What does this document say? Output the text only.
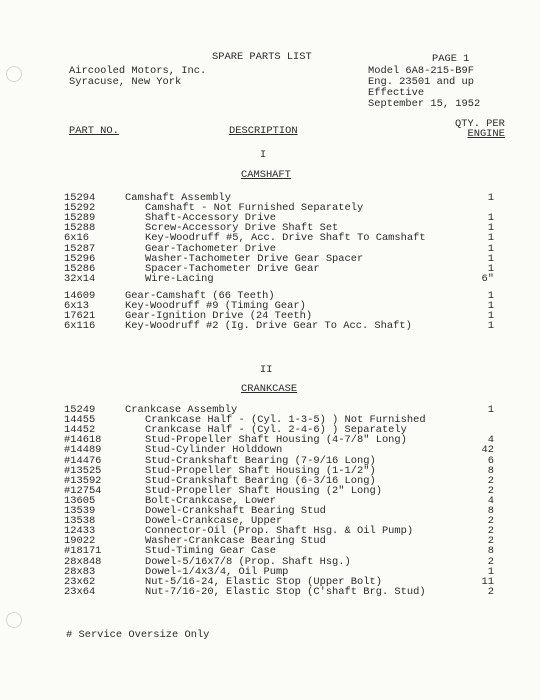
SPARE PARTS LIST	PAGE 1
Aircooled Motors, Inc.
Syracuse, New York
Model 6A8-215-B9F
Eng. 23501 and up
Effective
September 15, 1952
PART NO.	DESCRIPTION
QTY. PER
ENGINE
I
CAMSHAFT
15294	Camshaft Assembly	1
15292	Camshaft - Not Furnished Separately
15289	Shaft-Accessory Drive	1
15288	Screw-Accessory Drive Shaft Set	1
6x16	Key-Woodruff #5, Acc. Drive Shaft To Camshaft	1
15287	Gear-Tachometer Drive	1
15296	Washer-Tachometer Drive Gear Spacer	1
15286	Spacer-Tachometer Drive Gear	1
32x14	Wire-Lacing	6"
14609	Gear-Camshaft (66 Teeth)	1
6x13	Key-Woodruff #9 (Timing Gear)	1
17621	Gear-Ignition Drive (24 Teeth)	1
6x116	Key-Woodruff #2 (Ig. Drive Gear To Acc. Shaft)	1
II
CRANKCASE
15249	Crankcase Assembly	1
14455	Crankcase Half - (Cyl. 1-3-5) ) Not Furnished
14452	Crankcase Half - (Cyl. 2-4-6) ) Separately
#14618	Stud-Propeller Shaft Housing (4-7/8" Long)	4
#14489	Stud-Cylinder Holddown	42
#14476	Stud-Crankshaft Bearing (7-9/16 Long)	6
#13525	Stud-Propeller Shaft Housing (1-1/2")	8
#13592	Stud-Crankshaft Bearing (6-3/16 Long)	2
#12754	Stud-Propeller Shaft Housing (2" Long)	2
13605	Bolt-Crankcase, Lower	4
13539	Dowel-Crankshaft Bearing Stud	8
13538	Dowel-Crankcase, Upper	2
12433	Connector-Oil (Prop. Shaft Hsg. & Oil Pump)	2
19022	Washer-Crankcase Bearing Stud	2
#18171	Stud-Timing Gear Case	8
28x848	Dowel-5/16x7/8 (Prop. Shaft Hsg.)	2
28x83	Dowel-1/4x3/4, Oil Pump	1
23x62	Nut-5/16-24, Elastic Stop (Upper Bolt)	11
23x64	Nut-7/16-20, Elastic Stop (C'shaft Brg. Stud)	2
# Service Oversize Only
